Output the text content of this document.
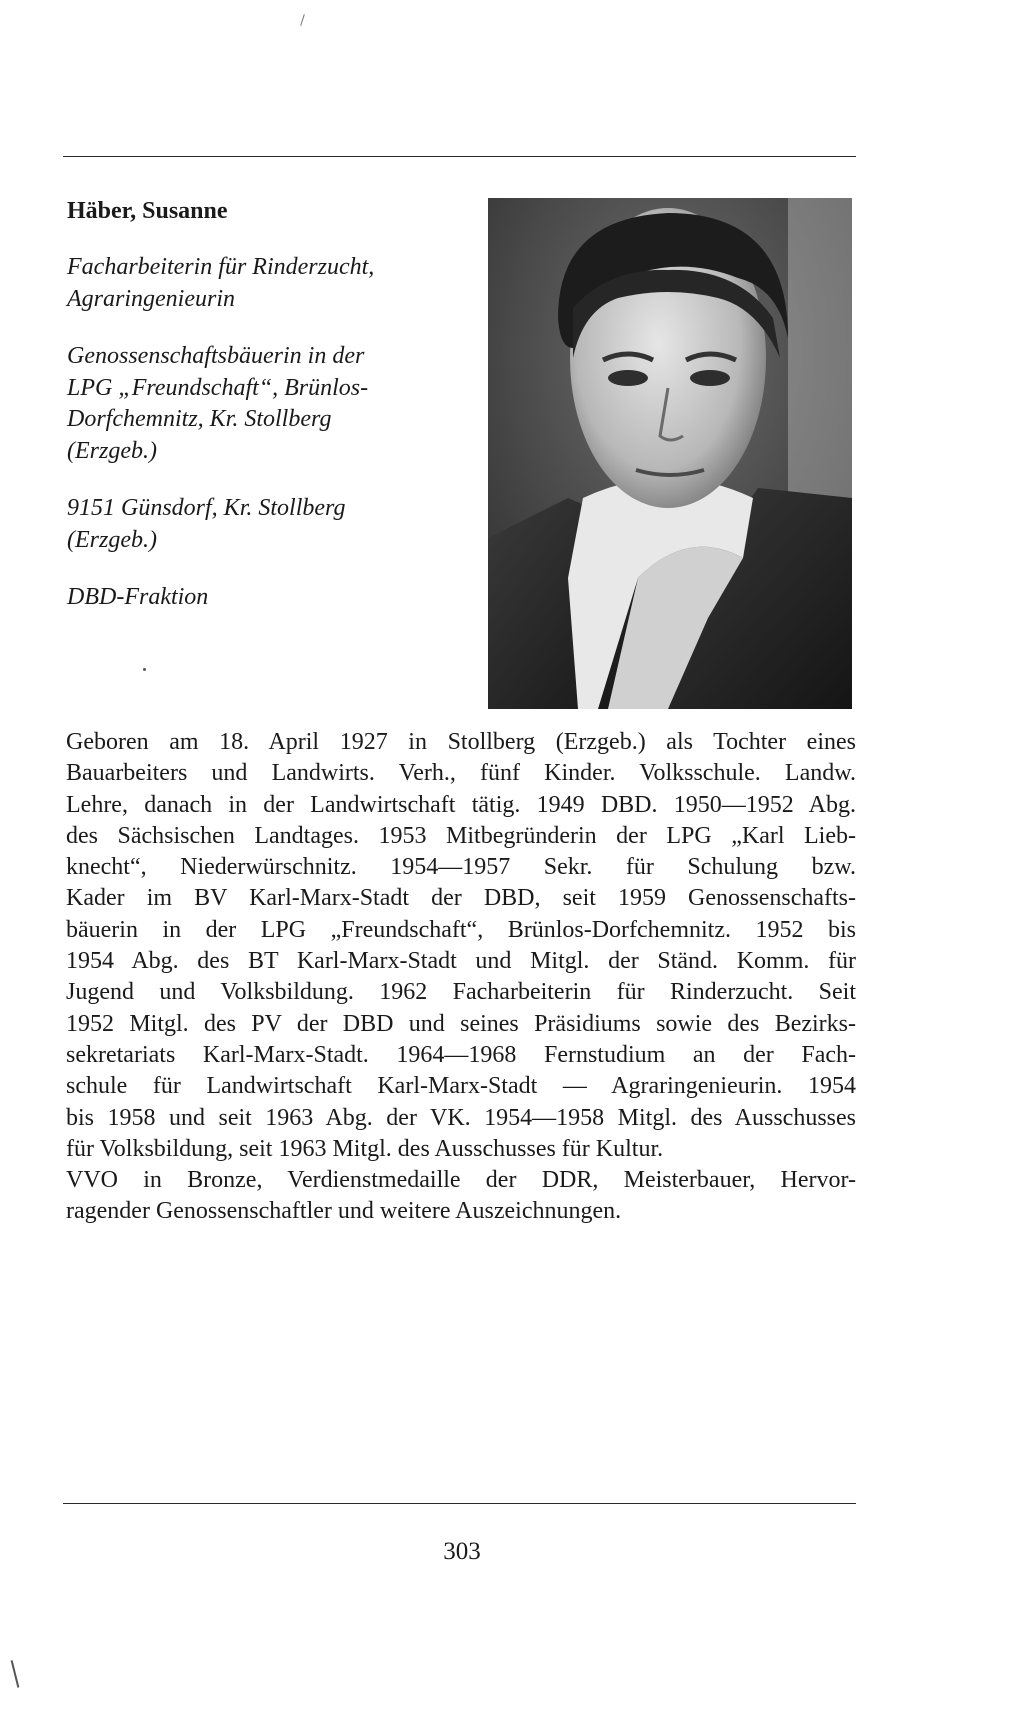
Häber, Susanne
Facharbeiterin für Rinderzucht,
Agraringenieurin
Genossenschaftsbäuerin in der
LPG „Freundschaft“, Brünlos-
Dorfchemnitz, Kr. Stollberg
(Erzgeb.)
9151 Günsdorf, Kr. Stollberg
(Erzgeb.)
DBD-Fraktion
Geboren am 18. April 1927 in Stollberg (Erzgeb.) als Tochter eines
Bauarbeiters und Landwirts. Verh., fünf Kinder. Volksschule. Landw.
Lehre, danach in der Landwirtschaft tätig. 1949 DBD. 1950—1952 Abg.
des Sächsischen Landtages. 1953 Mitbegründerin der LPG „Karl Lieb-
knecht“, Niederwürschnitz. 1954—1957 Sekr. für Schulung bzw.
Kader im BV Karl-Marx-Stadt der DBD, seit 1959 Genossenschafts-
bäuerin in der LPG „Freundschaft“, Brünlos-Dorfchemnitz. 1952 bis
1954 Abg. des BT Karl-Marx-Stadt und Mitgl. der Ständ. Komm. für
Jugend und Volksbildung. 1962 Facharbeiterin für Rinderzucht. Seit
1952 Mitgl. des PV der DBD und seines Präsidiums sowie des Bezirks-
sekretariats Karl-Marx-Stadt. 1964—1968 Fernstudium an der Fach-
schule für Landwirtschaft Karl-Marx-Stadt — Agraringenieurin. 1954
bis 1958 und seit 1963 Abg. der VK. 1954—1958 Mitgl. des Ausschusses
für Volksbildung, seit 1963 Mitgl. des Ausschusses für Kultur.
VVO in Bronze, Verdienstmedaille der DDR, Meisterbauer, Hervor-
ragender Genossenschaftler und weitere Auszeichnungen.
303
